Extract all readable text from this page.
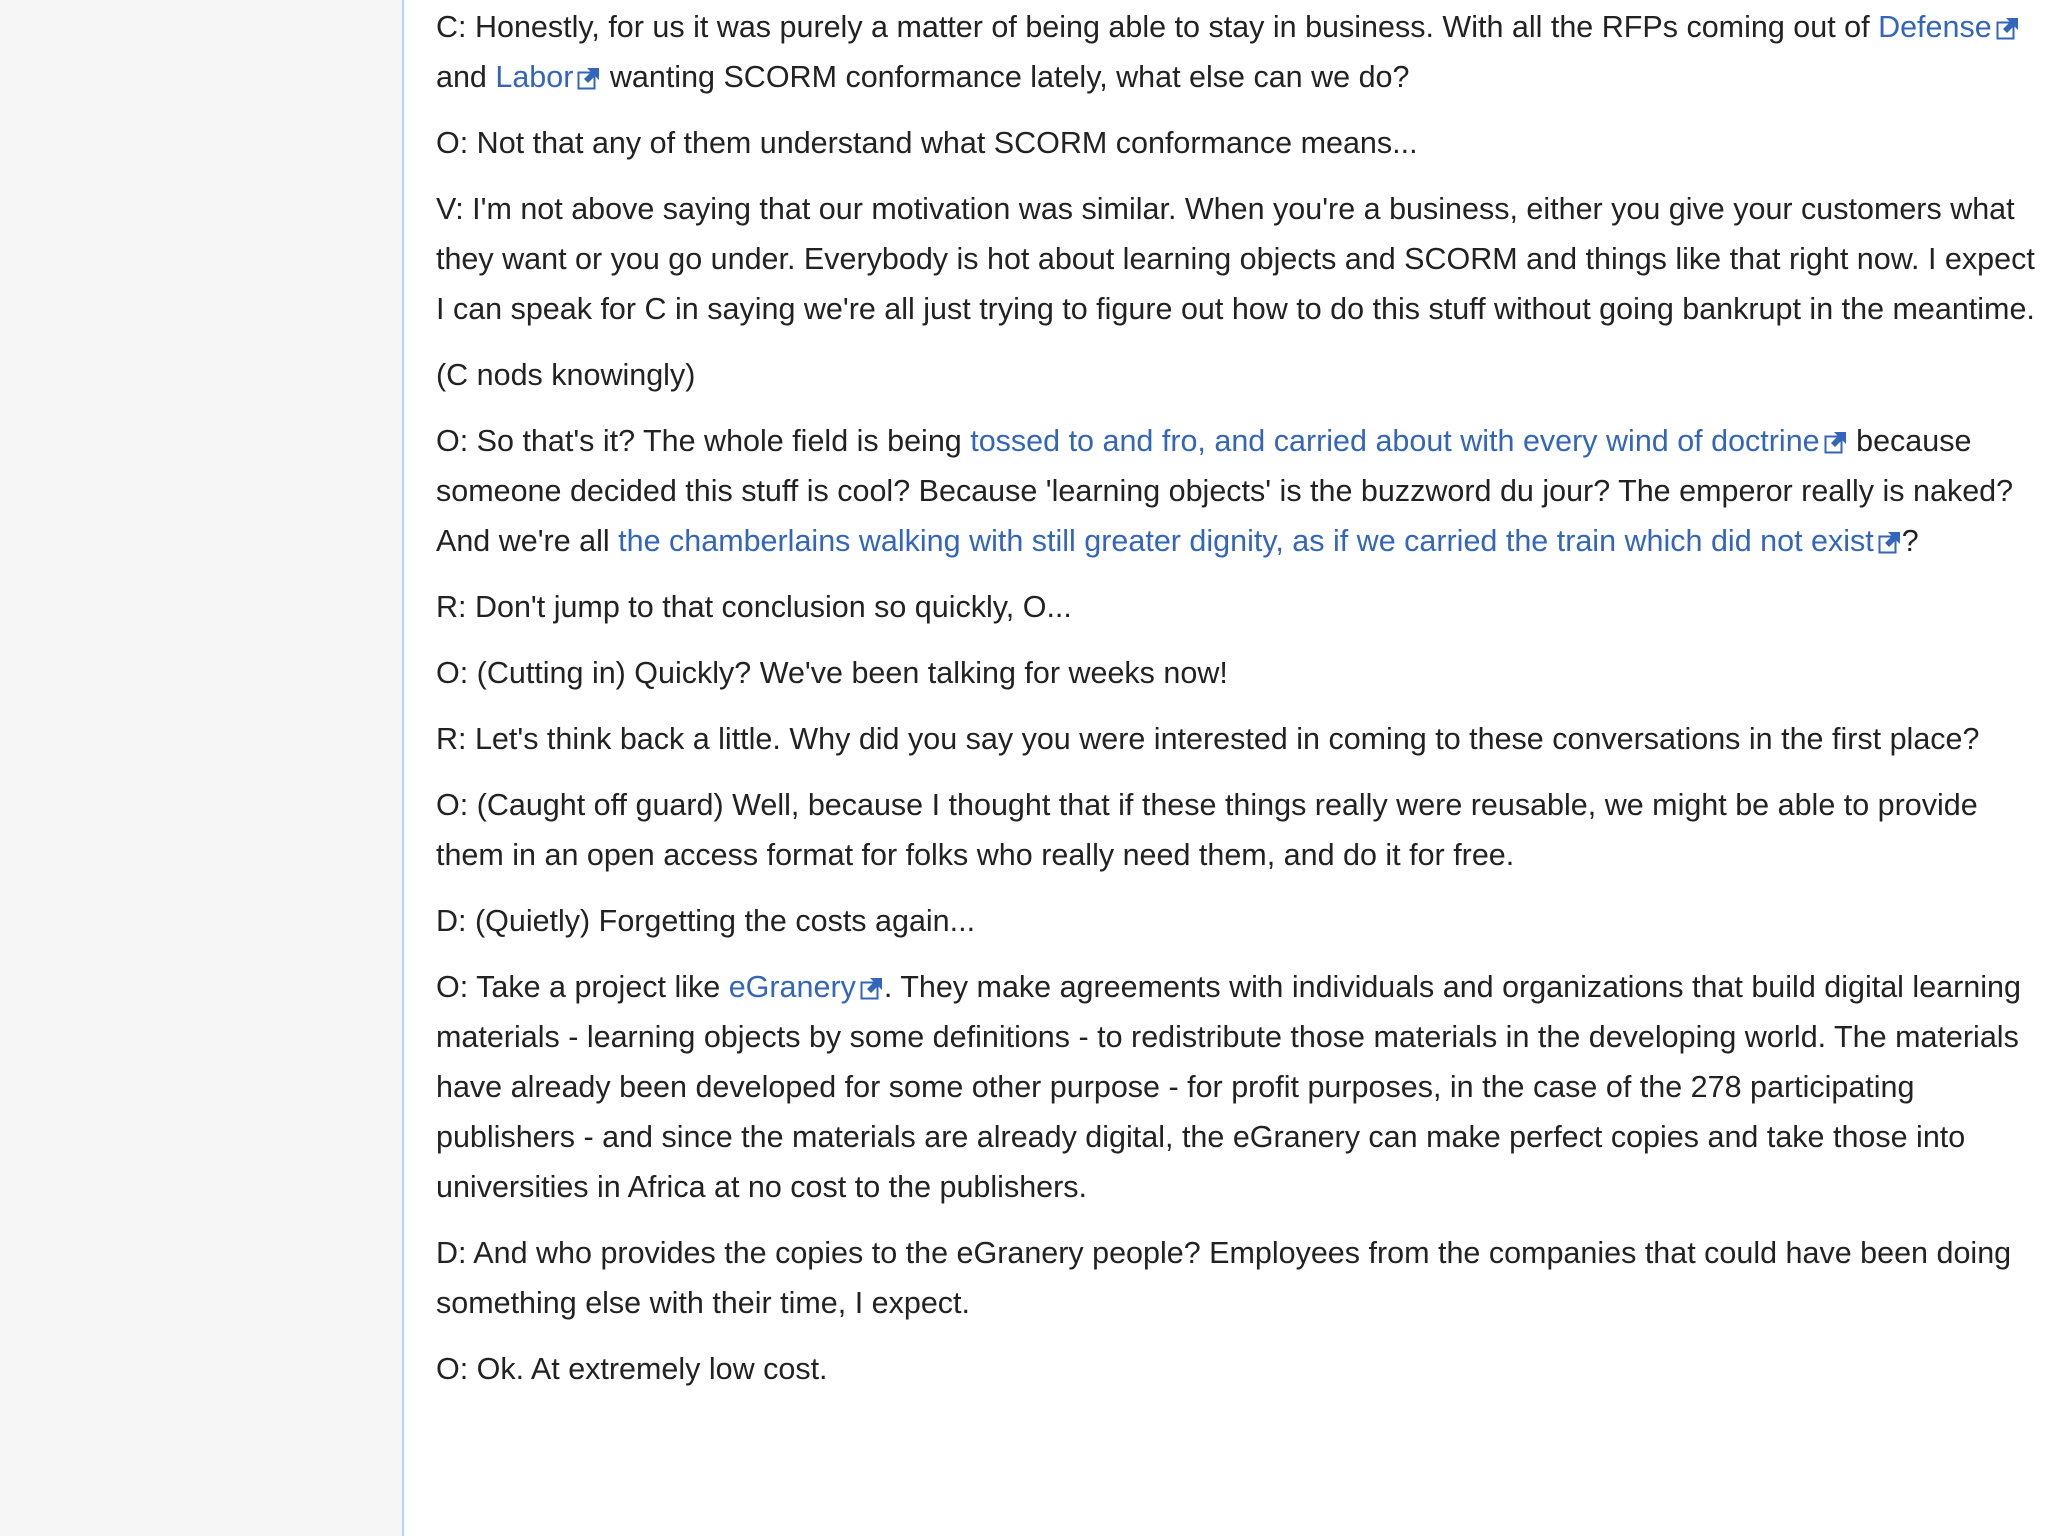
C: Honestly, for us it was purely a matter of being able to stay in business. With all the RFPs coming out of Defense and Labor wanting SCORM conformance lately, what else can we do?

O: Not that any of them understand what SCORM conformance means...

V: I'm not above saying that our motivation was similar. When you're a business, either you give your customers what they want or you go under. Everybody is hot about learning objects and SCORM and things like that right now. I expect I can speak for C in saying we're all just trying to figure out how to do this stuff without going bankrupt in the meantime.

(C nods knowingly)

O: So that's it? The whole field is being tossed to and fro, and carried about with every wind of doctrine because someone decided this stuff is cool? Because 'learning objects' is the buzzword du jour? The emperor really is naked? And we're all the chamberlains walking with still greater dignity, as if we carried the train which did not exist ?

R: Don't jump to that conclusion so quickly, O...

O: (Cutting in) Quickly? We've been talking for weeks now!

R: Let's think back a little. Why did you say you were interested in coming to these conversations in the first place?

O: (Caught off guard) Well, because I thought that if these things really were reusable, we might be able to provide them in an open access format for folks who really need them, and do it for free.

D: (Quietly) Forgetting the costs again...

O: Take a project like eGranery . They make agreements with individuals and organizations that build digital learning materials - learning objects by some definitions - to redistribute those materials in the developing world. The materials have already been developed for some other purpose - for profit purposes, in the case of the 278 participating publishers - and since the materials are already digital, the eGranery can make perfect copies and take those into universities in Africa at no cost to the publishers.

D: And who provides the copies to the eGranery people? Employees from the companies that could have been doing something else with their time, I expect.

O: Ok. At extremely low cost.
